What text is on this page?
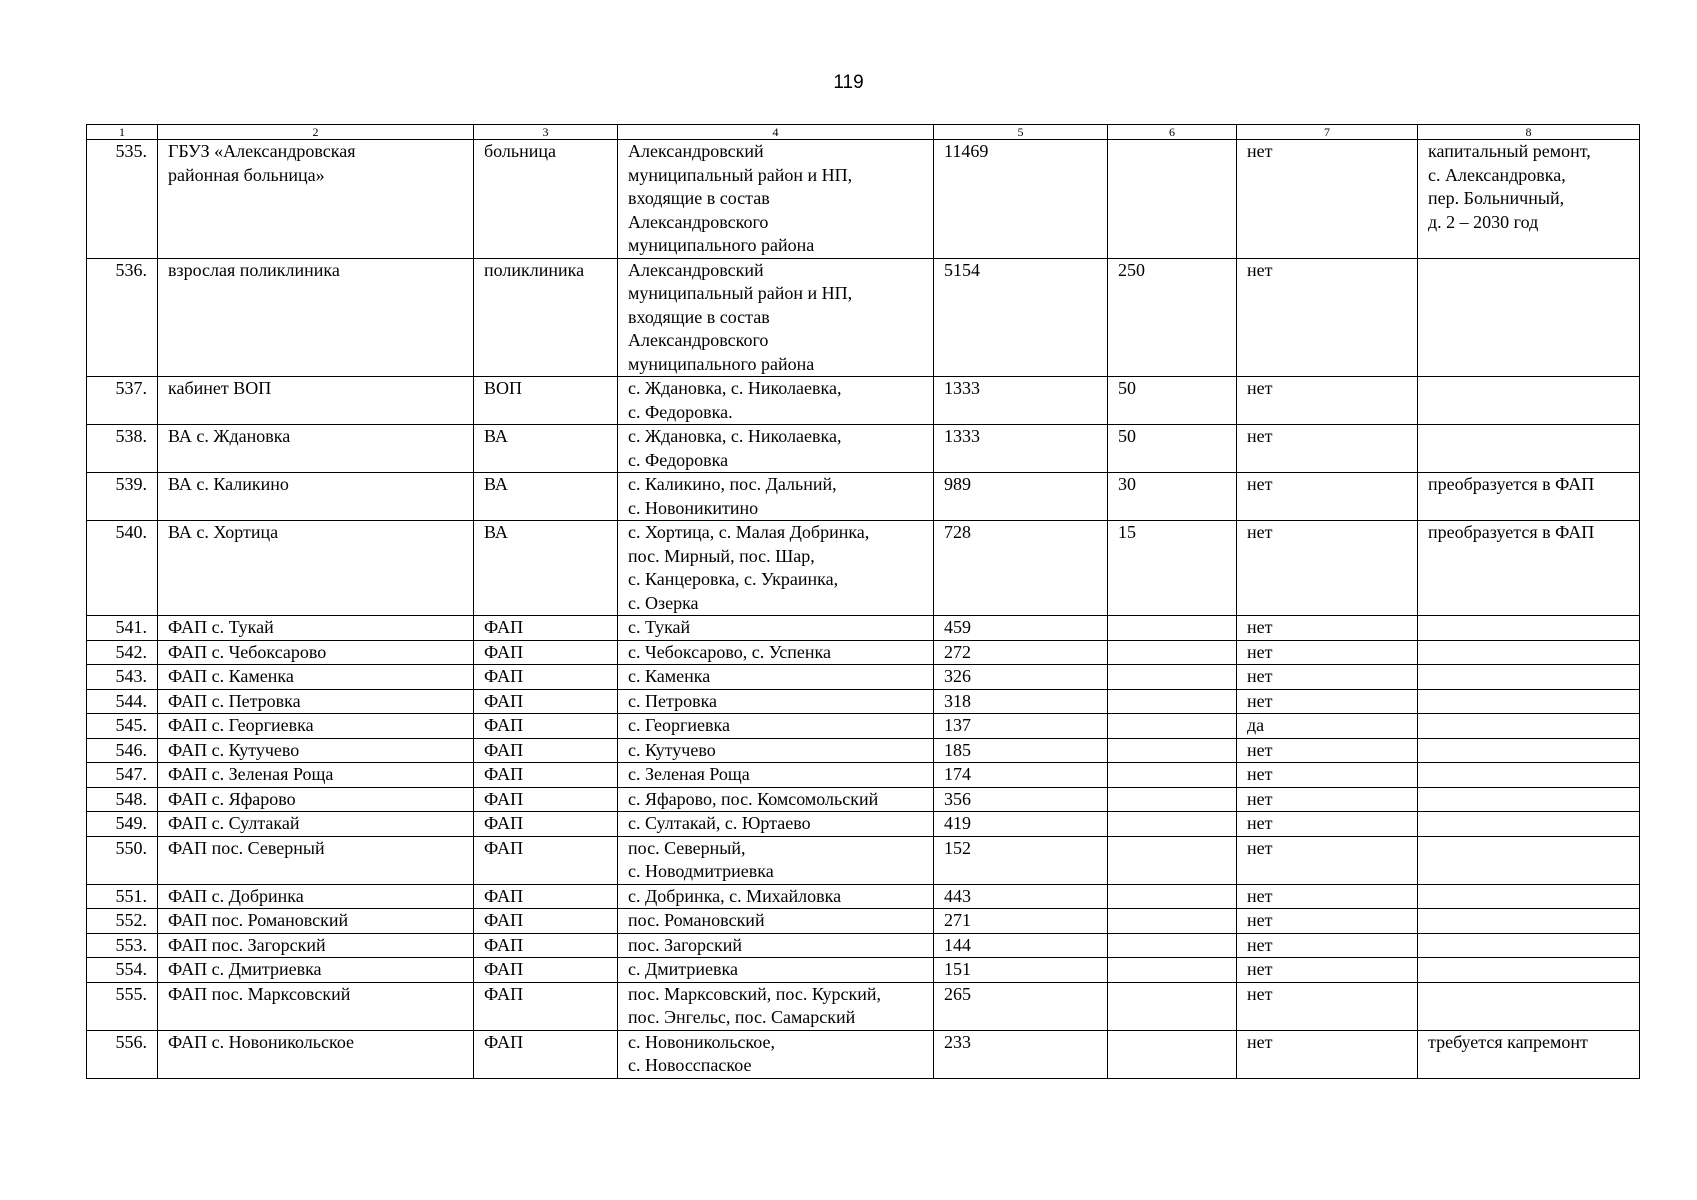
119
1	2	3	4	5	6	7	8
535.	ГБУЗ «Александровская
районная больница»	больница	Александровский
муниципальный район и НП,
входящие в состав
Александровского
муниципального района	11469		нет	капитальный ремонт,
с. Александровка,
пер. Больничный,
д. 2 – 2030 год
536.	взрослая поликлиника	поликлиника	Александровский
муниципальный район и НП,
входящие в состав
Александровского
муниципального района	5154	250	нет	
537.	кабинет ВОП	ВОП	с. Ждановка, с. Николаевка,
с. Федоровка.	1333	50	нет	
538.	ВА с. Ждановка	ВА	с. Ждановка, с. Николаевка,
с. Федоровка	1333	50	нет	
539.	ВА с. Каликино	ВА	с. Каликино, пос. Дальний,
с. Новоникитино	989	30	нет	преобразуется в ФАП
540.	ВА с. Хортица	ВА	с. Хортица, с. Малая Добринка,
пос. Мирный, пос. Шар,
с. Канцеровка, с. Украинка,
с. Озерка	728	15	нет	преобразуется в ФАП
541.	ФАП с. Тукай	ФАП	с. Тукай	459		нет	
542.	ФАП с. Чебоксарово	ФАП	с. Чебоксарово, с. Успенка	272		нет	
543.	ФАП с. Каменка	ФАП	с. Каменка	326		нет	
544.	ФАП с. Петровка	ФАП	с. Петровка	318		нет	
545.	ФАП с. Георгиевка	ФАП	с. Георгиевка	137		да	
546.	ФАП с. Кутучево	ФАП	с. Кутучево	185		нет	
547.	ФАП с. Зеленая Роща	ФАП	с. Зеленая Роща	174		нет	
548.	ФАП с. Яфарово	ФАП	с. Яфарово, пос. Комсомольский	356		нет	
549.	ФАП с. Султакай	ФАП	с. Султакай, с. Юртаево	419		нет	
550.	ФАП пос. Северный	ФАП	пос. Северный,
с. Новодмитриевка	152		нет	
551.	ФАП с. Добринка	ФАП	с. Добринка, с. Михайловка	443		нет	
552.	ФАП пос. Романовский	ФАП	пос. Романовский	271		нет	
553.	ФАП пос. Загорский	ФАП	пос. Загорский	144		нет	
554.	ФАП с. Дмитриевка	ФАП	с. Дмитриевка	151		нет	
555.	ФАП пос. Марксовский	ФАП	пос. Марксовский, пос. Курский,
пос. Энгельс, пос. Самарский	265		нет	
556.	ФАП с. Новоникольское	ФАП	с. Новоникольское,
с. Новосспаское	233		нет	требуется капремонт
